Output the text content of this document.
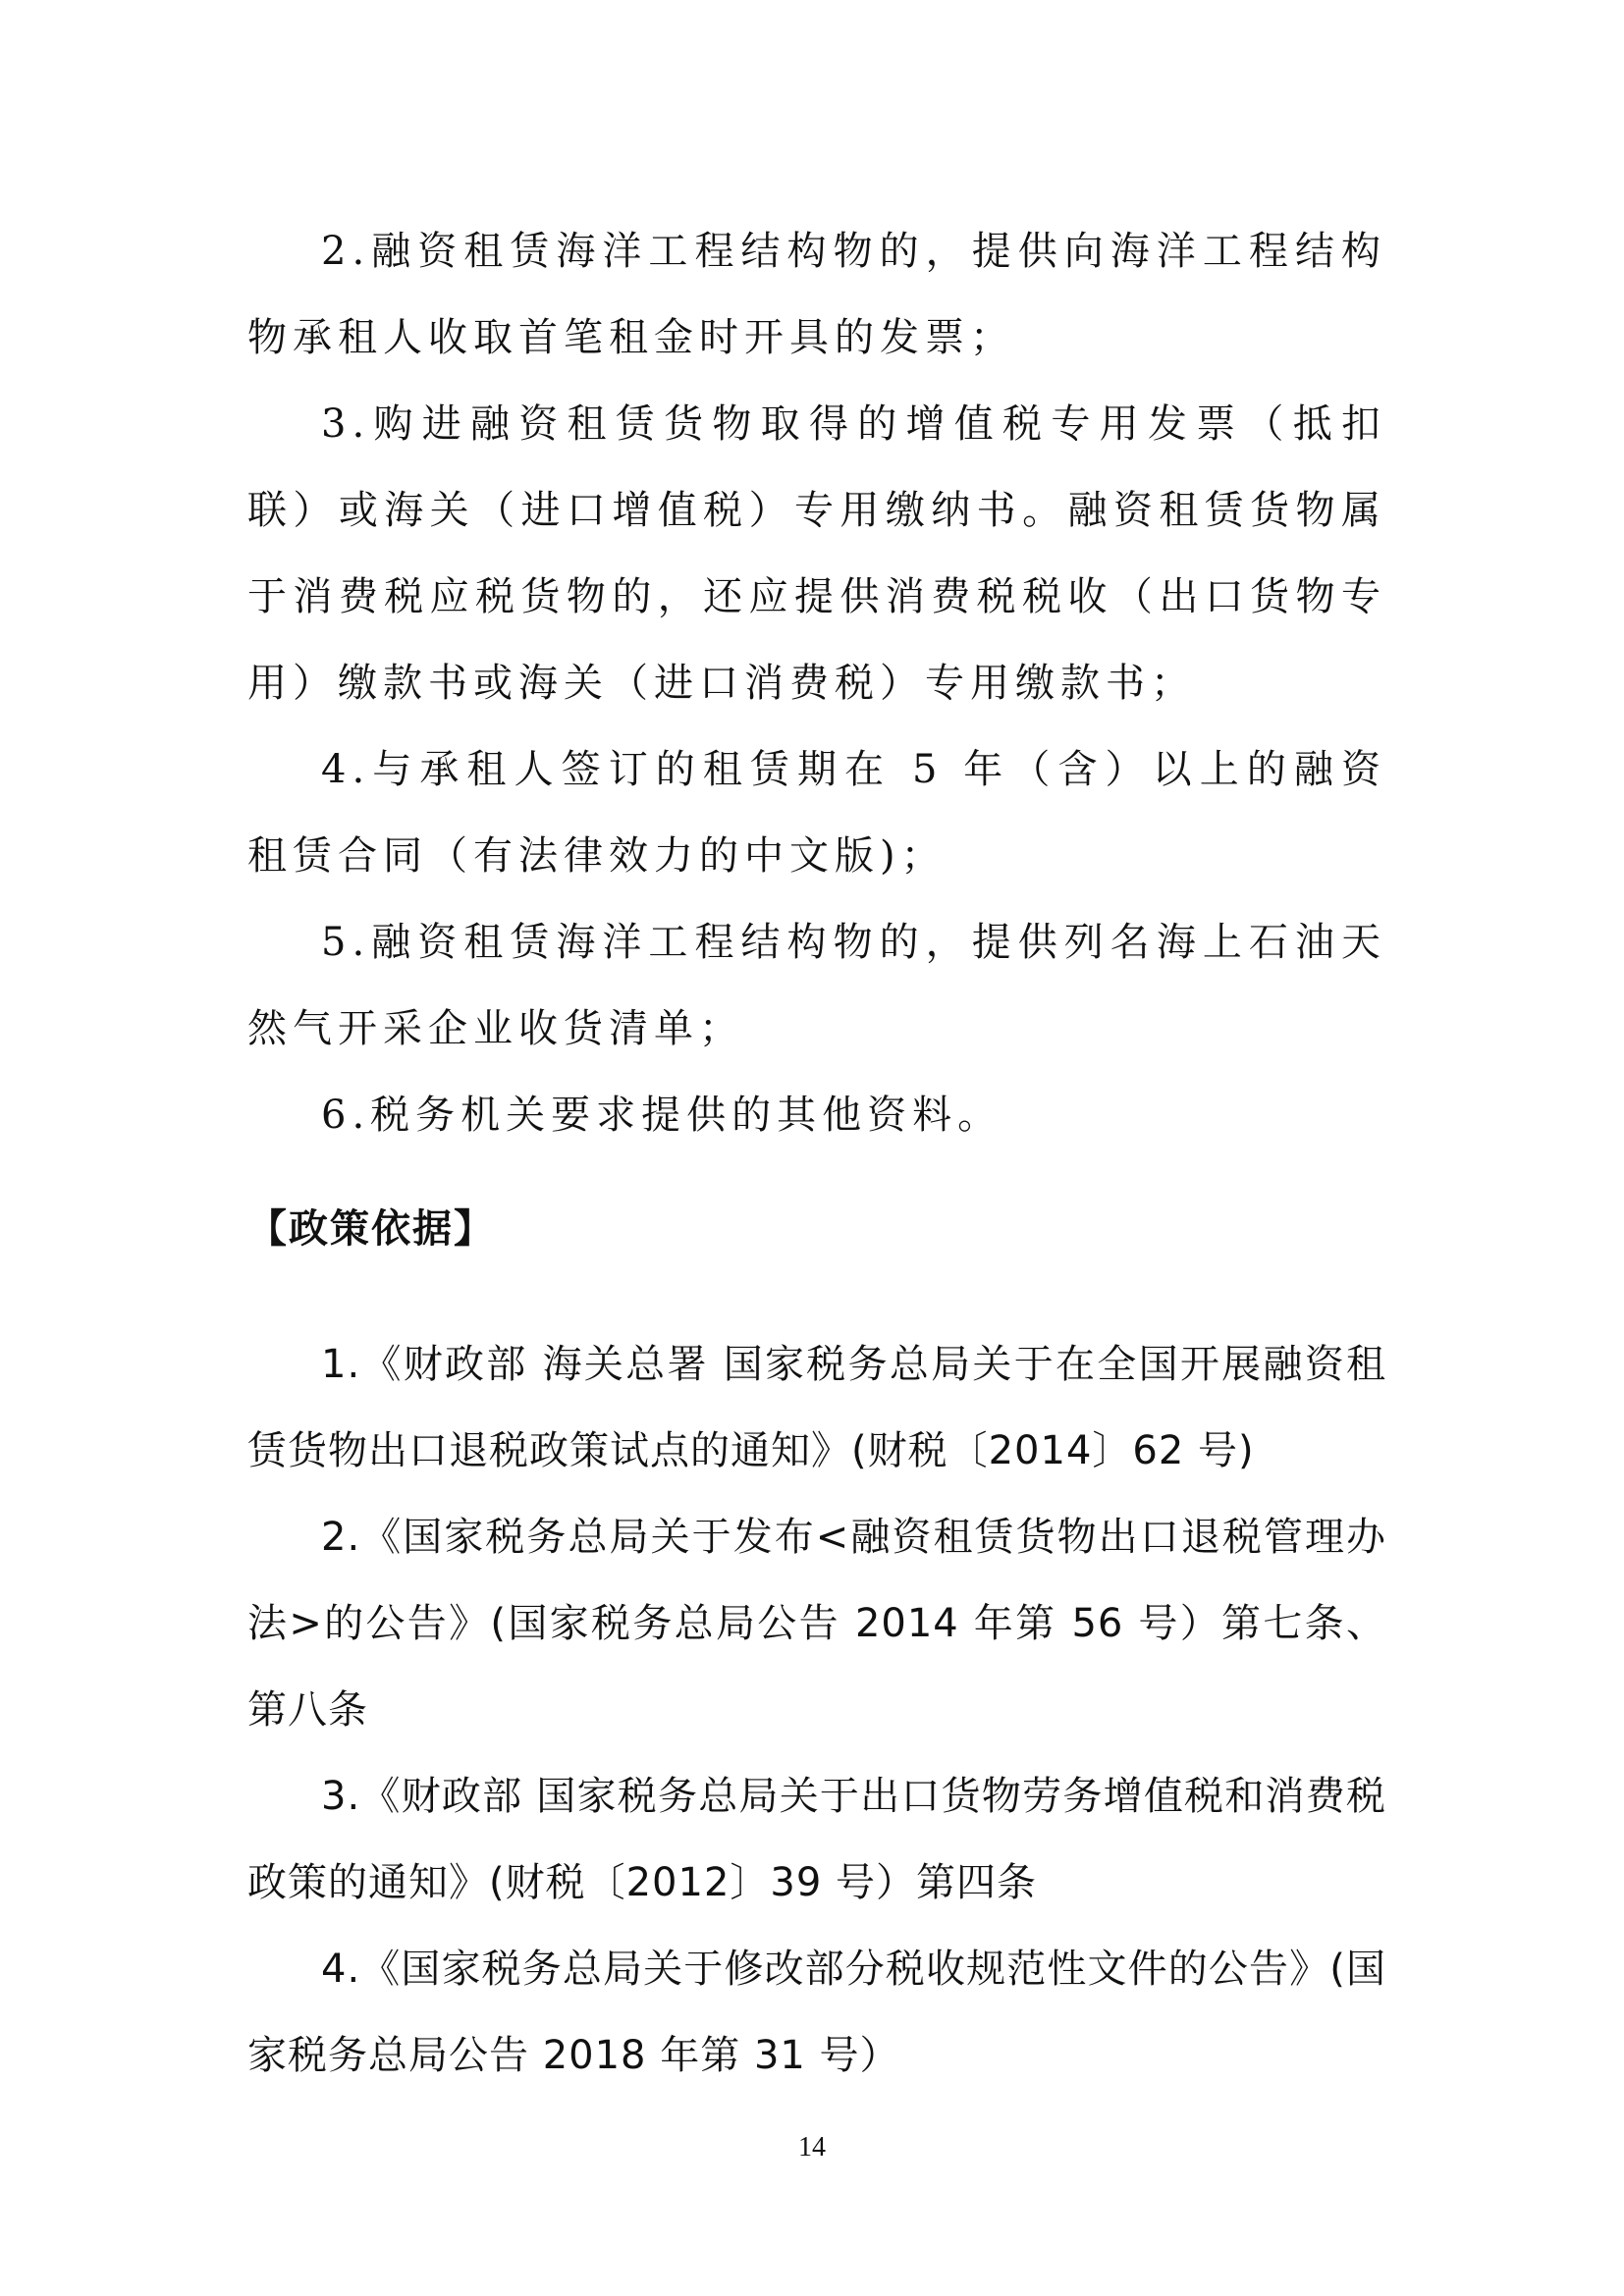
2.融资租赁海洋工程结构物的，提供向海洋工程结构物承租人收取首笔租金时开具的发票；

3.购进融资租赁货物取得的增值税专用发票（抵扣联）或海关（进口增值税）专用缴纳书。融资租赁货物属于消费税应税货物的，还应提供消费税税收（出口货物专用）缴款书或海关（进口消费税）专用缴款书；

4.与承租人签订的租赁期在 5 年（含）以上的融资租赁合同（有法律效力的中文版)；

5.融资租赁海洋工程结构物的，提供列名海上石油天然气开采企业收货清单；

6.税务机关要求提供的其他资料。

【政策依据】

1.《财政部 海关总署 国家税务总局关于在全国开展融资租赁货物出口退税政策试点的通知》(财税〔2014〕62 号)

2.《国家税务总局关于发布<融资租赁货物出口退税管理办法>的公告》(国家税务总局公告 2014 年第 56 号）第七条、第八条

3.《财政部 国家税务总局关于出口货物劳务增值税和消费税政策的通知》(财税〔2012〕39 号）第四条

4.《国家税务总局关于修改部分税收规范性文件的公告》(国家税务总局公告 2018 年第 31 号）

14
